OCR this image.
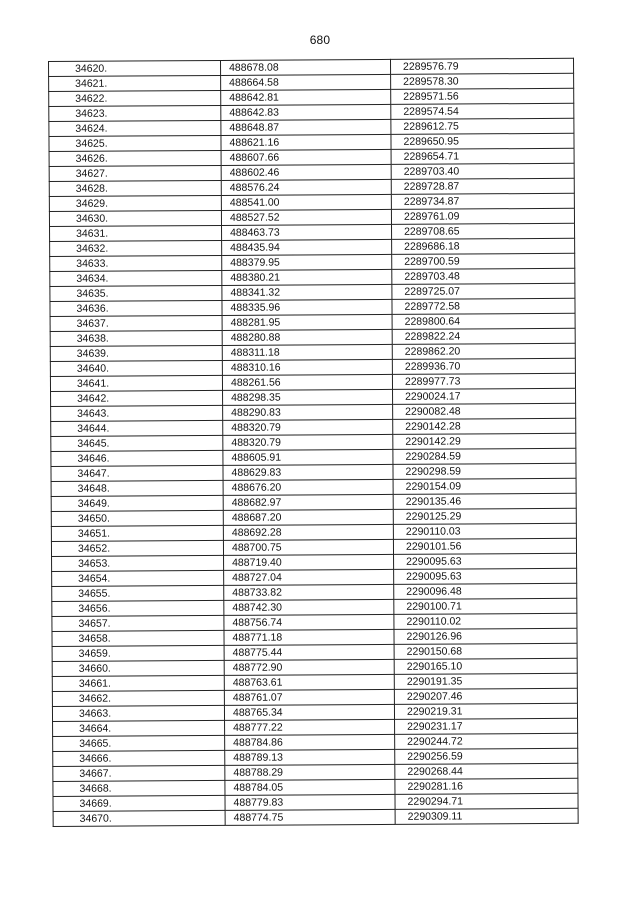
680
34620.	488678.08	2289576.79
34621.	488664.58	2289578.30
34622.	488642.81	2289571.56
34623.	488642.83	2289574.54
34624.	488648.87	2289612.75
34625.	488621.16	2289650.95
34626.	488607.66	2289654.71
34627.	488602.46	2289703.40
34628.	488576.24	2289728.87
34629.	488541.00	2289734.87
34630.	488527.52	2289761.09
34631.	488463.73	2289708.65
34632.	488435.94	2289686.18
34633.	488379.95	2289700.59
34634.	488380.21	2289703.48
34635.	488341.32	2289725.07
34636.	488335.96	2289772.58
34637.	488281.95	2289800.64
34638.	488280.88	2289822.24
34639.	488311.18	2289862.20
34640.	488310.16	2289936.70
34641.	488261.56	2289977.73
34642.	488298.35	2290024.17
34643.	488290.83	2290082.48
34644.	488320.79	2290142.28
34645.	488320.79	2290142.29
34646.	488605.91	2290284.59
34647.	488629.83	2290298.59
34648.	488676.20	2290154.09
34649.	488682.97	2290135.46
34650.	488687.20	2290125.29
34651.	488692.28	2290110.03
34652.	488700.75	2290101.56
34653.	488719.40	2290095.63
34654.	488727.04	2290095.63
34655.	488733.82	2290096.48
34656.	488742.30	2290100.71
34657.	488756.74	2290110.02
34658.	488771.18	2290126.96
34659.	488775.44	2290150.68
34660.	488772.90	2290165.10
34661.	488763.61	2290191.35
34662.	488761.07	2290207.46
34663.	488765.34	2290219.31
34664.	488777.22	2290231.17
34665.	488784.86	2290244.72
34666.	488789.13	2290256.59
34667.	488788.29	2290268.44
34668.	488784.05	2290281.16
34669.	488779.83	2290294.71
34670.	488774.75	2290309.11
